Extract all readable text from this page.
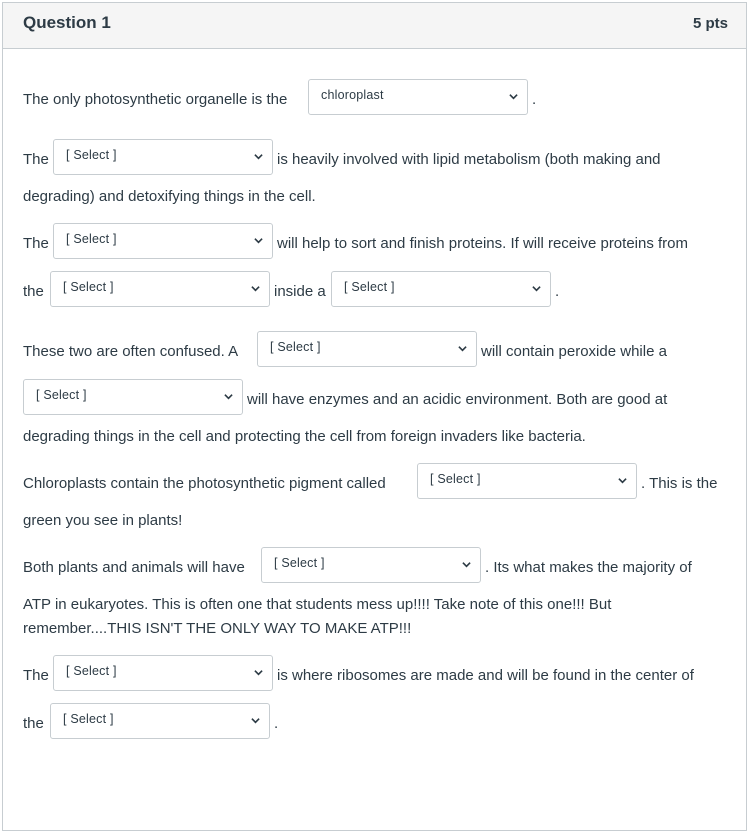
Question 1	5 pts
The only photosynthetic organelle is the	chloroplast	.
The [ Select ]	is heavily involved with lipid metabolism (both making and
degrading) and detoxifying things in the cell.
The [ Select ]	will help to sort and finish proteins. If will receive proteins from
the [ Select ]	inside a [ Select ]	.
These two are often confused. A	[ Select ]	will contain peroxide while a
[ Select ]	will have enzymes and an acidic environment. Both are good at
degrading things in the cell and protecting the cell from foreign invaders like bacteria.
Chloroplasts contain the photosynthetic pigment called	[ Select ]	. This is the
green you see in plants!
Both plants and animals will have [ Select ]	. Its what makes the majority of
ATP in eukaryotes. This is often one that students mess up!!!! Take note of this one!!! But
remember....THIS ISN'T THE ONLY WAY TO MAKE ATP!!!
The [ Select ]	is where ribosomes are made and will be found in the center of
the [ Select ]	.
